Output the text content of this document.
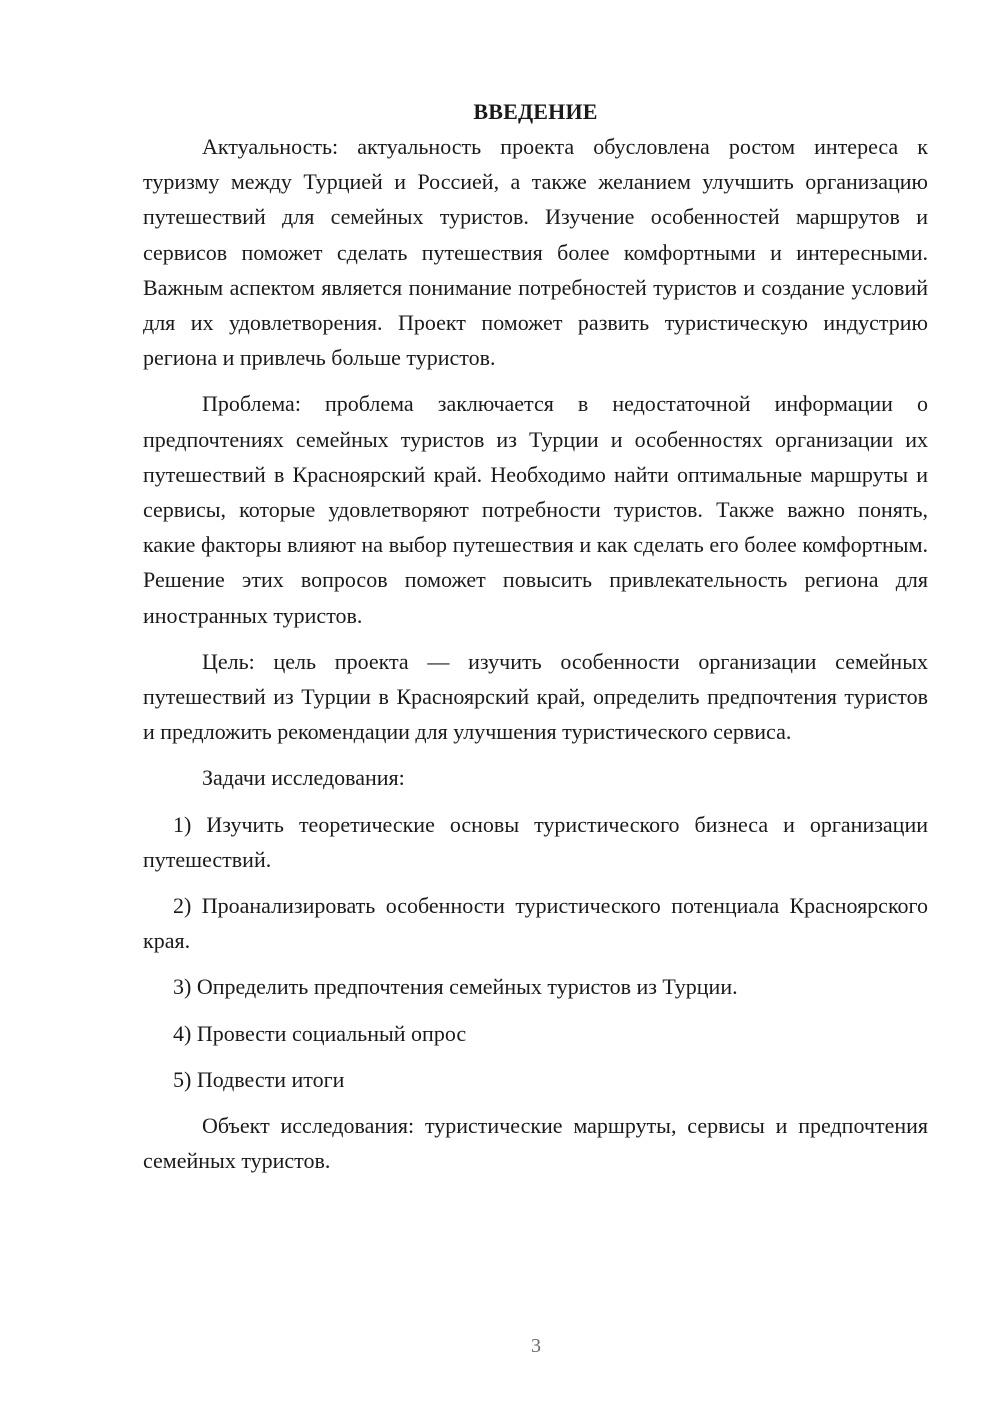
ВВЕДЕНИЕ

Актуальность: актуальность проекта обусловлена ростом интереса к туризму между Турцией и Россией, а также желанием улучшить организацию путешествий для семейных туристов. Изучение особенностей маршрутов и сервисов поможет сделать путешествия более комфортными и интересными. Важным аспектом является понимание потребностей туристов и создание условий для их удовлетворения. Проект поможет развить туристическую индустрию региона и привлечь больше туристов.

Проблема: проблема заключается в недостаточной информации о предпочтениях семейных туристов из Турции и особенностях организации их путешествий в Красноярский край. Необходимо найти оптимальные маршруты и сервисы, которые удовлетворяют потребности туристов. Также важно понять, какие факторы влияют на выбор путешествия и как сделать его более комфортным. Решение этих вопросов поможет повысить привлекательность региона для иностранных туристов.

Цель: цель проекта — изучить особенности организации семейных путешествий из Турции в Красноярский край, определить предпочтения туристов и предложить рекомендации для улучшения туристического сервиса.

Задачи исследования:

1) Изучить теоретические основы туристического бизнеса и организации путешествий.

2) Проанализировать особенности туристического потенциала Красноярского края.

3) Определить предпочтения семейных туристов из Турции.

4) Провести социальный опрос

5) Подвести итоги

Объект исследования: туристические маршруты, сервисы и предпочтения семейных туристов.

3
